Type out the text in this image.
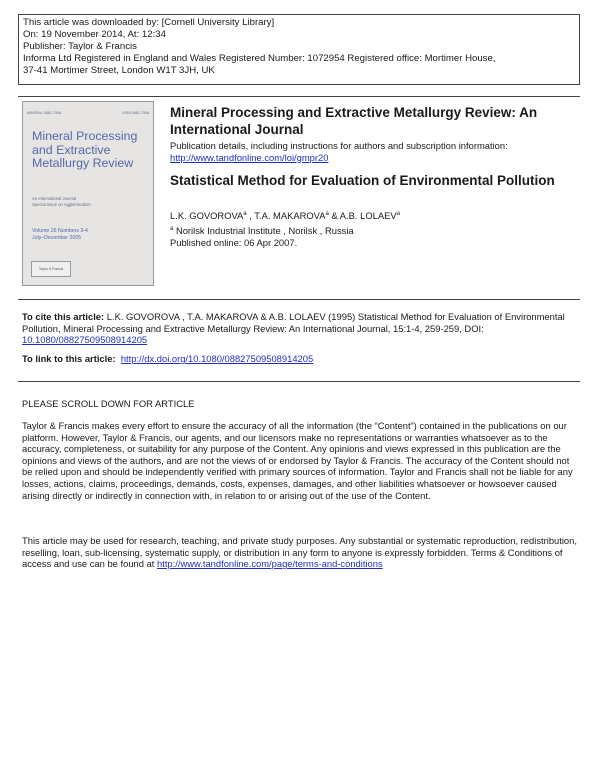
This article was downloaded by: [Cornell University Library]
On: 19 November 2014, At: 12:34
Publisher: Taylor & Francis
Informa Ltd Registered in England and Wales Registered Number: 1072954 Registered office: Mortimer House,
37-41 Mortimer Street, London W1T 3JH, UK
MINERAL 0882-7508	ISSN 0882-7508
Mineral Processing and Extractive Metallurgy Review
An International Journal
Special Issue on Agglomeration
Volume 26 Numbers 3-4
July–December 2005
Taylor & Francis
Mineral Processing and Extractive Metallurgy Review: An International Journal
Publication details, including instructions for authors and subscription information:
http://www.tandfonline.com/loi/gmpr20
Statistical Method for Evaluation of Environmental Pollution
L.K. GOVOROVA$^a$ , T.A. MAKAROVA$^a$ & A.B. LOLAEV$^a$
$^a$ Norilsk Industrial Institute , Norilsk , Russia
Published online: 06 Apr 2007.
To cite this article: L.K. GOVOROVA , T.A. MAKAROVA & A.B. LOLAEV (1995) Statistical Method for Evaluation of Environmental Pollution, Mineral Processing and Extractive Metallurgy Review: An International Journal, 15:1-4, 259-259, DOI: 10.1080/08827509508914205
To link to this article: http://dx.doi.org/10.1080/08827509508914205
PLEASE SCROLL DOWN FOR ARTICLE
Taylor & Francis makes every effort to ensure the accuracy of all the information (the “Content”) contained in the publications on our platform. However, Taylor & Francis, our agents, and our licensors make no representations or warranties whatsoever as to the accuracy, completeness, or suitability for any purpose of the Content. Any opinions and views expressed in this publication are the opinions and views of the authors, and are not the views of or endorsed by Taylor & Francis. The accuracy of the Content should not be relied upon and should be independently verified with primary sources of information. Taylor and Francis shall not be liable for any losses, actions, claims, proceedings, demands, costs, expenses, damages, and other liabilities whatsoever or howsoever caused arising directly or indirectly in connection with, in relation to or arising out of the use of the Content.
This article may be used for research, teaching, and private study purposes. Any substantial or systematic reproduction, redistribution, reselling, loan, sub-licensing, systematic supply, or distribution in any form to anyone is expressly forbidden. Terms & Conditions of access and use can be found at http://www.tandfonline.com/page/terms-and-conditions
